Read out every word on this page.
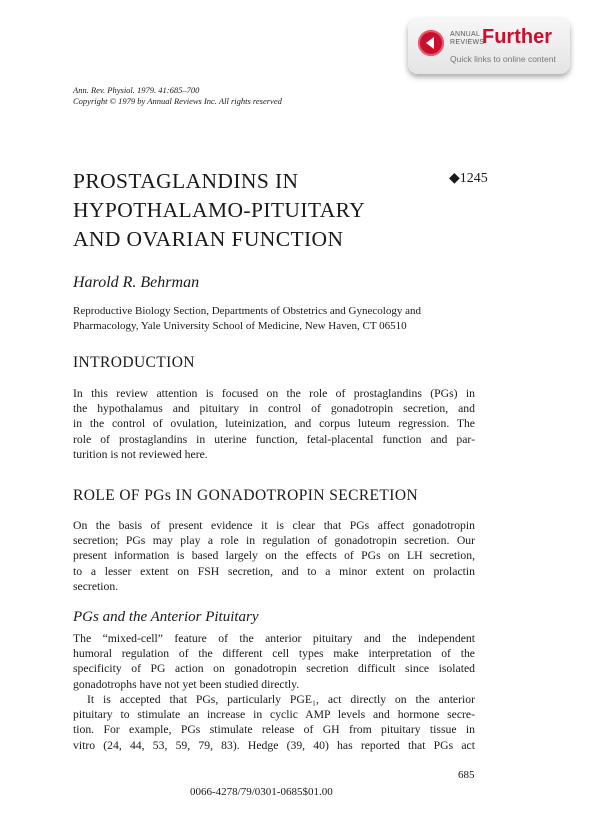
ANNUAL
REVIEWS
Further
Quick links to online content
Ann. Rev. Physiol. 1979. 41:685–700
Copyright © 1979 by Annual Reviews Inc. All rights reserved
PROSTAGLANDINS IN
HYPOTHALAMO-PITUITARY
AND OVARIAN FUNCTION
◆1245
Harold R. Behrman
Reproductive Biology Section, Departments of Obstetrics and Gynecology and
Pharmacology, Yale University School of Medicine, New Haven, CT 06510
INTRODUCTION
In this review attention is focused on the role of prostaglandins (PGs) in
the hypothalamus and pituitary in control of gonadotropin secretion, and
in the control of ovulation, luteinization, and corpus luteum regression. The
role of prostaglandins in uterine function, fetal-placental function and par-
turition is not reviewed here.
ROLE OF PGs IN GONADOTROPIN SECRETION
On the basis of present evidence it is clear that PGs affect gonadotropin
secretion; PGs may play a role in regulation of gonadotropin secretion. Our
present information is based largely on the effects of PGs on LH secretion,
to a lesser extent on FSH secretion, and to a minor extent on prolactin
secretion.
PGs and the Anterior Pituitary
The “mixed-cell” feature of the anterior pituitary and the independent
humoral regulation of the different cell types make interpretation of the
specificity of PG action on gonadotropin secretion difficult since isolated
gonadotrophs have not yet been studied directly.
It is accepted that PGs, particularly PGE₁, act directly on the anterior
pituitary to stimulate an increase in cyclic AMP levels and hormone secre-
tion. For example, PGs stimulate release of GH from pituitary tissue in
vitro (24, 44, 53, 59, 79, 83). Hedge (39, 40) has reported that PGs act
685
0066-4278/79/0301-0685$01.00
